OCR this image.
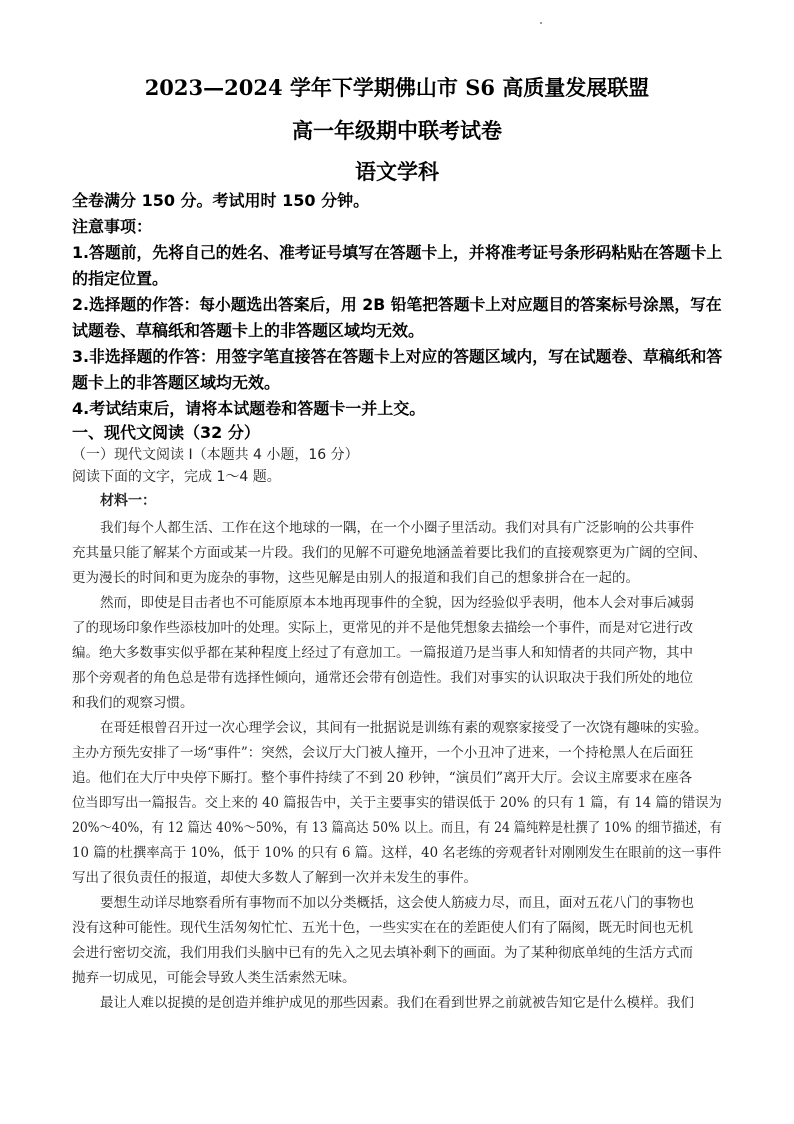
2023—2024 学年下学期佛山市 S6 高质量发展联盟
高一年级期中联考试卷
语文学科
全卷满分 150 分。考试用时 150 分钟。
注意事项：
1.答题前，先将自己的姓名、准考证号填写在答题卡上，并将准考证号条形码粘贴在答题卡上
的指定位置。
2.选择题的作答：每小题选出答案后，用 2B 铅笔把答题卡上对应题目的答案标号涂黑，写在
试题卷、草稿纸和答题卡上的非答题区域均无效。
3.非选择题的作答：用签字笔直接答在答题卡上对应的答题区域内，写在试题卷、草稿纸和答
题卡上的非答题区域均无效。
4.考试结束后，请将本试题卷和答题卡一并上交。
一、现代文阅读（32 分）
（一）现代文阅读 I（本题共 4 小题，16 分）
阅读下面的文字，完成 1～4 题。
材料一：
我们每个人都生活、工作在这个地球的一隅，在一个小圈子里活动。我们对具有广泛影响的公共事件
充其量只能了解某个方面或某一片段。我们的见解不可避免地涵盖着要比我们的直接观察更为广阔的空间、
更为漫长的时间和更为庞杂的事物，这些见解是由别人的报道和我们自己的想象拼合在一起的。
然而，即使是目击者也不可能原原本本地再现事件的全貌，因为经验似乎表明，他本人会对事后减弱
了的现场印象作些添枝加叶的处理。实际上，更常见的并不是他凭想象去描绘一个事件，而是对它进行改
编。绝大多数事实似乎都在某种程度上经过了有意加工。一篇报道乃是当事人和知情者的共同产物，其中
那个旁观者的角色总是带有选择性倾向，通常还会带有创造性。我们对事实的认识取决于我们所处的地位
和我们的观察习惯。
在哥廷根曾召开过一次心理学会议，其间有一批据说是训练有素的观察家接受了一次饶有趣味的实验。
主办方预先安排了一场“事件”：突然，会议厅大门被人撞开，一个小丑冲了进来，一个持枪黑人在后面狂
追。他们在大厅中央停下厮打。整个事件持续了不到 20 秒钟，“演员们”离开大厅。会议主席要求在座各
位当即写出一篇报告。交上来的 40 篇报告中，关于主要事实的错误低于 20% 的只有 1 篇，有 14 篇的错误为
20%～40%，有 12 篇达 40%～50%，有 13 篇高达 50% 以上。而且，有 24 篇纯粹是杜撰了 10% 的细节描述，有
10 篇的杜撰率高于 10%，低于 10% 的只有 6 篇。这样，40 名老练的旁观者针对刚刚发生在眼前的这一事件
写出了很负责任的报道，却使大多数人了解到一次并未发生的事件。
要想生动详尽地察看所有事物而不加以分类概括，这会使人筋疲力尽，而且，面对五花八门的事物也
没有这种可能性。现代生活匆匆忙忙、五光十色，一些实实在在的差距使人们有了隔阂，既无时间也无机
会进行密切交流，我们用我们头脑中已有的先入之见去填补剩下的画面。为了某种彻底单纯的生活方式而
抛弃一切成见，可能会导致人类生活索然无味。
最让人难以捉摸的是创造并维护成见的那些因素。我们在看到世界之前就被告知它是什么模样。我们
